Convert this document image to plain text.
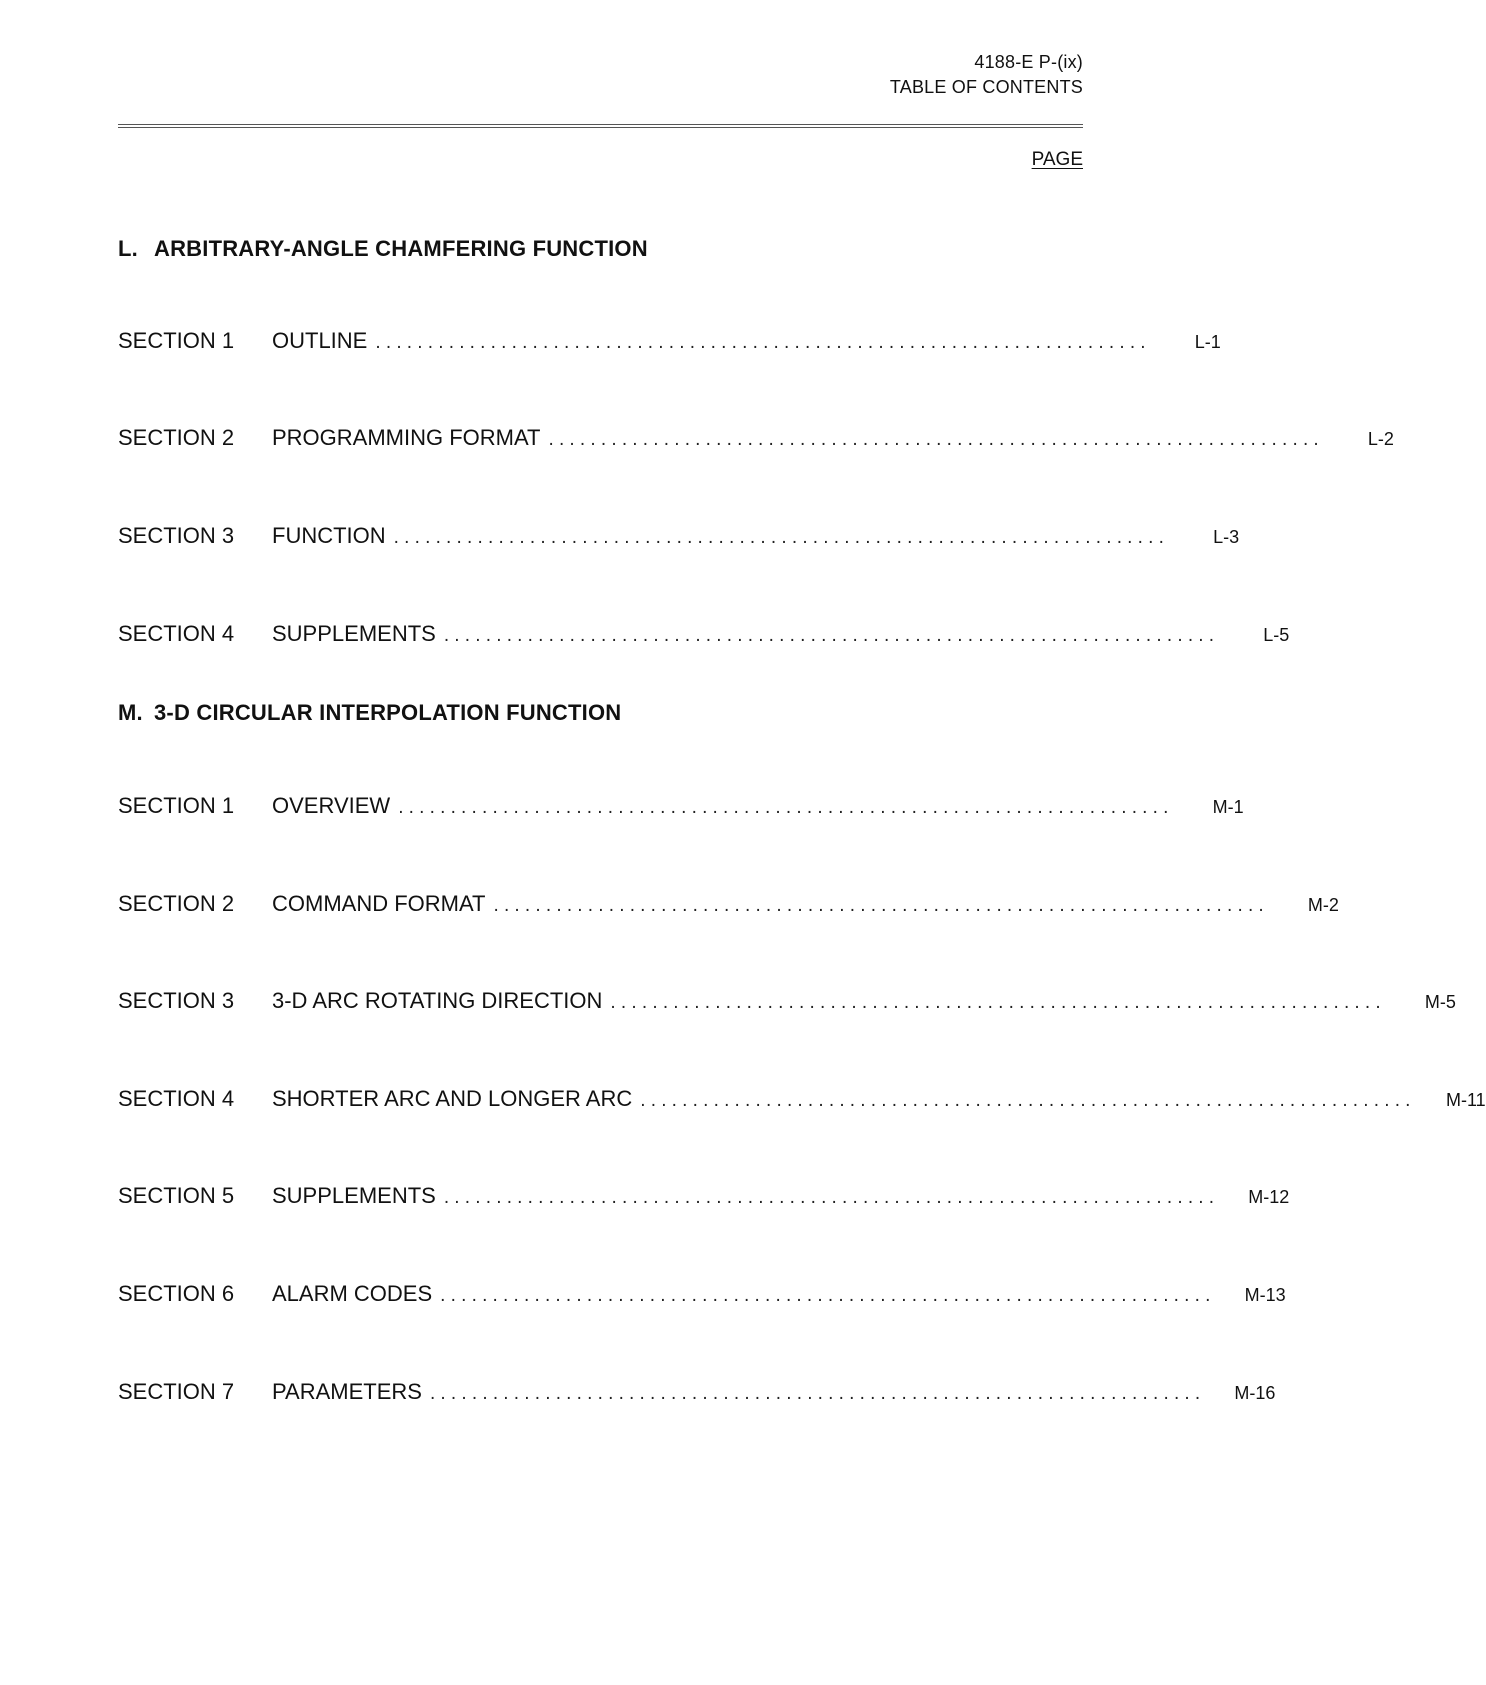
4188-E P-(ix)
TABLE OF CONTENTS
PAGE
L. ARBITRARY-ANGLE CHAMFERING FUNCTION
SECTION 1	OUTLINE ..........................................................................	L-1
SECTION 2	PROGRAMMING FORMAT ..........................................................................	L-2
SECTION 3	FUNCTION ..........................................................................	L-3
SECTION 4	SUPPLEMENTS ..........................................................................	L-5
M. 3-D CIRCULAR INTERPOLATION FUNCTION
SECTION 1	OVERVIEW ..........................................................................	M-1
SECTION 2	COMMAND FORMAT ..........................................................................	M-2
SECTION 3	3-D ARC ROTATING DIRECTION ..........................................................................	M-5
SECTION 4	SHORTER ARC AND LONGER ARC ..........................................................................	M-11
SECTION 5	SUPPLEMENTS ..........................................................................	M-12
SECTION 6	ALARM CODES ..........................................................................	M-13
SECTION 7	PARAMETERS ..........................................................................	M-16
